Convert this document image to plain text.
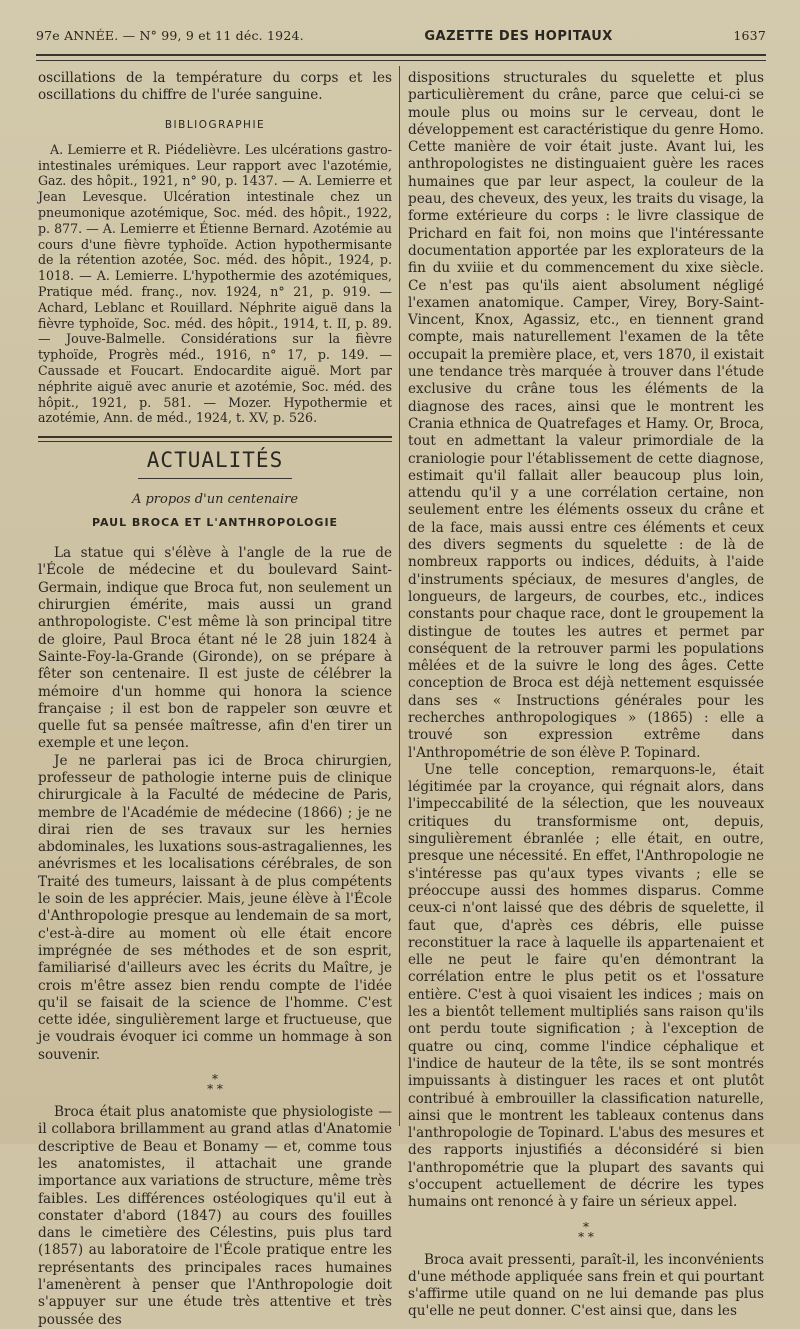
97e ANNÉE. — N° 99, 9 et 11 déc. 1924.	GAZETTE DES HOPITAUX	1637

oscillations de la température du corps et les oscillations du chiffre de l'urée sanguine.

BIBLIOGRAPHIE

A. Lemierre et R. Piédelièvre. Les ulcérations gastro-intestinales urémiques. Leur rapport avec l'azotémie, Gaz. des hôpit., 1921, n° 90, p. 1437. — A. Lemierre et Jean Levesque. Ulcération intestinale chez un pneumonique azotémique, Soc. méd. des hôpit., 1922, p. 877. — A. Lemierre et Étienne Bernard. Azotémie au cours d'une fièvre typhoïde. Action hypothermisante de la rétention azotée, Soc. méd. des hôpit., 1924, p. 1018. — A. Lemierre. L'hypothermie des azotémiques, Pratique méd. franç., nov. 1924, n° 21, p. 919. — Achard, Leblanc et Rouillard. Néphrite aiguë dans la fièvre typhoïde, Soc. méd. des hôpit., 1914, t. II, p. 89. — Jouve-Balmelle. Considérations sur la fièvre typhoïde, Progrès méd., 1916, n° 17, p. 149. — Caussade et Foucart. Endocardite aiguë. Mort par néphrite aiguë avec anurie et azotémie, Soc. méd. des hôpit., 1921, p. 581. — Mozer. Hypothermie et azotémie, Ann. de méd., 1924, t. XV, p. 526.

ACTUALITÉS
A propos d'un centenaire
PAUL BROCA ET L'ANTHROPOLOGIE

La statue qui s'élève à l'angle de la rue de l'École de médecine et du boulevard Saint-Germain, indique que Broca fut, non seulement un chirurgien émérite, mais aussi un grand anthropologiste. C'est même là son principal titre de gloire, Paul Broca étant né le 28 juin 1824 à Sainte-Foy-la-Grande (Gironde), on se prépare à fêter son centenaire. Il est juste de célébrer la mémoire d'un homme qui honora la science française ; il est bon de rappeler son œuvre et quelle fut sa pensée maîtresse, afin d'en tirer un exemple et une leçon.

Je ne parlerai pas ici de Broca chirurgien, professeur de pathologie interne puis de clinique chirurgicale à la Faculté de médecine de Paris, membre de l'Académie de médecine (1866) ; je ne dirai rien de ses travaux sur les hernies abdominales, les luxations sous-astragaliennes, les anévrismes et les localisations cérébrales, de son Traité des tumeurs, laissant à de plus compétents le soin de les apprécier. Mais, jeune élève à l'École d'Anthropologie presque au lendemain de sa mort, c'est-à-dire au moment où elle était encore imprégnée de ses méthodes et de son esprit, familiarisé d'ailleurs avec les écrits du Maître, je crois m'être assez bien rendu compte de l'idée qu'il se faisait de la science de l'homme. C'est cette idée, singulièrement large et fructueuse, que je voudrais évoquer ici comme un hommage à son souvenir.

*
* *

Broca était plus anatomiste que physiologiste — il collabora brillamment au grand atlas d'Anatomie descriptive de Beau et Bonamy — et, comme tous les anatomistes, il attachait une grande importance aux variations de structure, même très faibles. Les différences ostéologiques qu'il eut à constater d'abord (1847) au cours des fouilles dans le cimetière des Célestins, puis plus tard (1857) au laboratoire de l'École pratique entre les représentants des principales races humaines l'amenèrent à penser que l'Anthropologie doit s'appuyer sur une étude très attentive et très poussée des

dispositions structurales du squelette et plus particulièrement du crâne, parce que celui-ci se moule plus ou moins sur le cerveau, dont le développement est caractéristique du genre Homo. Cette manière de voir était juste. Avant lui, les anthropologistes ne distinguaient guère les races humaines que par leur aspect, la couleur de la peau, des cheveux, des yeux, les traits du visage, la forme extérieure du corps : le livre classique de Prichard en fait foi, non moins que l'intéressante documentation apportée par les explorateurs de la fin du xviiie et du commencement du xixe siècle. Ce n'est pas qu'ils aient absolument négligé l'examen anatomique. Camper, Virey, Bory-Saint-Vincent, Knox, Agassiz, etc., en tiennent grand compte, mais naturellement l'examen de la tête occupait la première place, et, vers 1870, il existait une tendance très marquée à trouver dans l'étude exclusive du crâne tous les éléments de la diagnose des races, ainsi que le montrent les Crania ethnica de Quatrefages et Hamy. Or, Broca, tout en admettant la valeur primordiale de la craniologie pour l'établissement de cette diagnose, estimait qu'il fallait aller beaucoup plus loin, attendu qu'il y a une corrélation certaine, non seulement entre les éléments osseux du crâne et de la face, mais aussi entre ces éléments et ceux des divers segments du squelette : de là de nombreux rapports ou indices, déduits, à l'aide d'instruments spéciaux, de mesures d'angles, de longueurs, de largeurs, de courbes, etc., indices constants pour chaque race, dont le groupement la distingue de toutes les autres et permet par conséquent de la retrouver parmi les populations mêlées et de la suivre le long des âges. Cette conception de Broca est déjà nettement esquissée dans ses « Instructions générales pour les recherches anthropologiques » (1865) : elle a trouvé son expression extrême dans l'Anthropométrie de son élève P. Topinard.

Une telle conception, remarquons-le, était légitimée par la croyance, qui régnait alors, dans l'impeccabilité de la sélection, que les nouveaux critiques du transformisme ont, depuis, singulièrement ébranlée ; elle était, en outre, presque une nécessité. En effet, l'Anthropologie ne s'intéresse pas qu'aux types vivants ; elle se préoccupe aussi des hommes disparus. Comme ceux-ci n'ont laissé que des débris de squelette, il faut que, d'après ces débris, elle puisse reconstituer la race à laquelle ils appartenaient et elle ne peut le faire qu'en démontrant la corrélation entre le plus petit os et l'ossature entière. C'est à quoi visaient les indices ; mais on les a bientôt tellement multipliés sans raison qu'ils ont perdu toute signification ; à l'exception de quatre ou cinq, comme l'indice céphalique et l'indice de hauteur de la tête, ils se sont montrés impuissants à distinguer les races et ont plutôt contribué à embrouiller la classification naturelle, ainsi que le montrent les tableaux contenus dans l'anthropologie de Topinard. L'abus des mesures et des rapports injustifiés a déconsidéré si bien l'anthropométrie que la plupart des savants qui s'occupent actuellement de décrire les types humains ont renoncé à y faire un sérieux appel.

*
* *

Broca avait pressenti, paraît-il, les inconvénients d'une méthode appliquée sans frein et qui pourtant s'affirme utile quand on ne lui demande pas plus qu'elle ne peut donner. C'est ainsi que, dans les
